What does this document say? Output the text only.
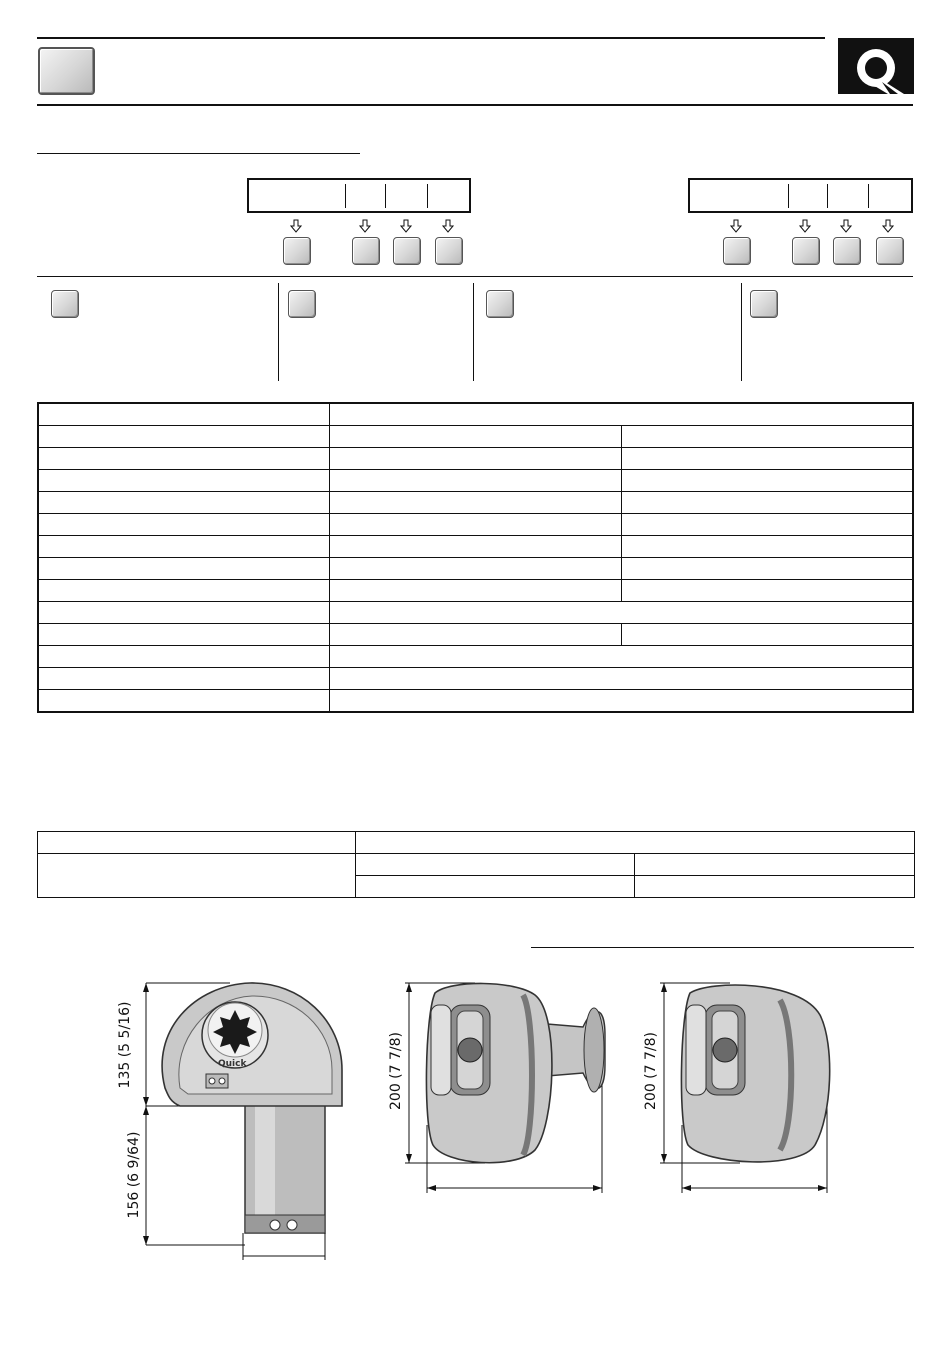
Quick
135 (5 5/16)
156 (6 9/64)
200 (7 7/8)	200 (7 7/8)
